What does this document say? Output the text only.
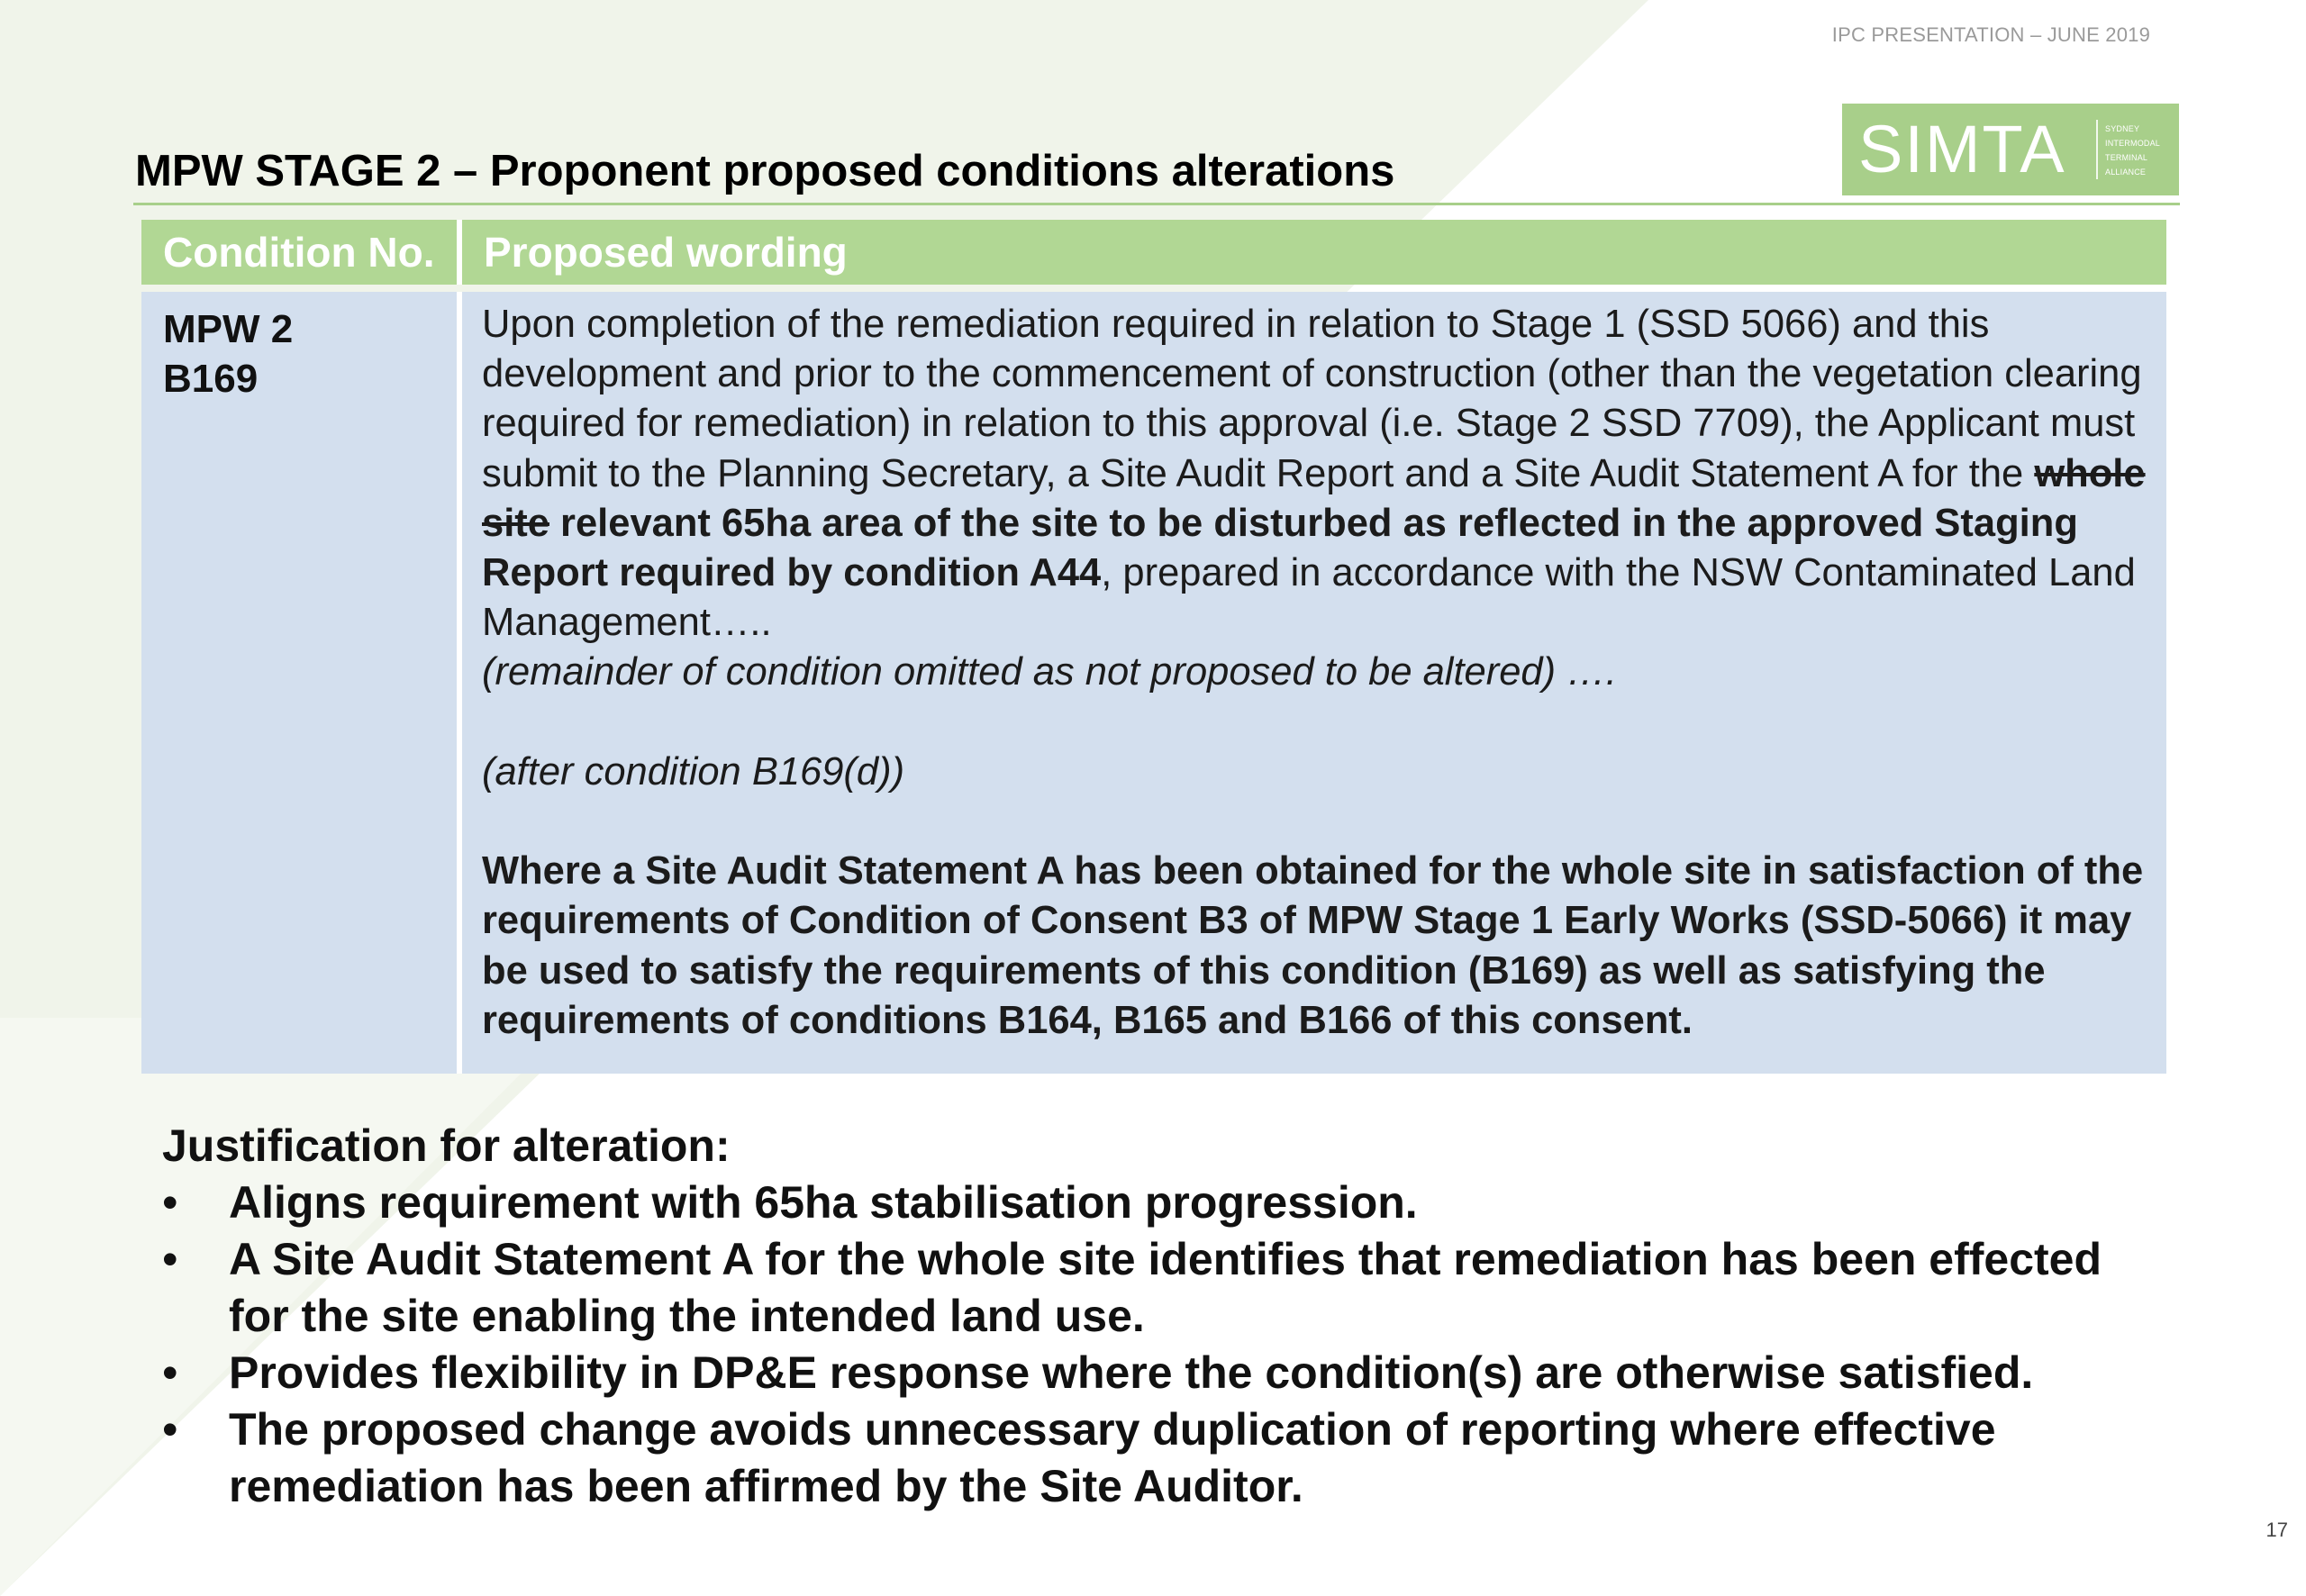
IPC PRESENTATION – JUNE 2019
SIMTA	SYDNEY
INTERMODAL
TERMINAL
ALLIANCE
MPW STAGE 2 – Proponent proposed conditions alterations
Condition No.	Proposed wording
MPW 2
B169

Upon completion of the remediation required in relation to Stage 1 (SSD 5066) and this development and prior to the commencement of construction (other than the vegetation clearing required for remediation) in relation to this approval (i.e. Stage 2 SSD 7709), the Applicant must submit to the Planning Secretary, a Site Audit Report and a Site Audit Statement A for the whole site relevant 65ha area of the site to be disturbed as reflected in the approved Staging Report required by condition A44, prepared in accordance with the NSW Contaminated Land Management…..

(remainder of condition omitted as not proposed to be altered) ….

(after condition B169(d))

Where a Site Audit Statement A has been obtained for the whole site in satisfaction of the requirements of Condition of Consent B3 of MPW Stage 1 Early Works (SSD-5066) it may be used to satisfy the requirements of this condition (B169) as well as satisfying the requirements of conditions B164, B165 and B166 of this consent.

Justification for alteration:
• Aligns requirement with 65ha stabilisation progression.
• A Site Audit Statement A for the whole site identifies that remediation has been effected for the site enabling the intended land use.
• Provides flexibility in DP&E response where the condition(s) are otherwise satisfied.
• The proposed change avoids unnecessary duplication of reporting where effective remediation has been affirmed by the Site Auditor.
17
